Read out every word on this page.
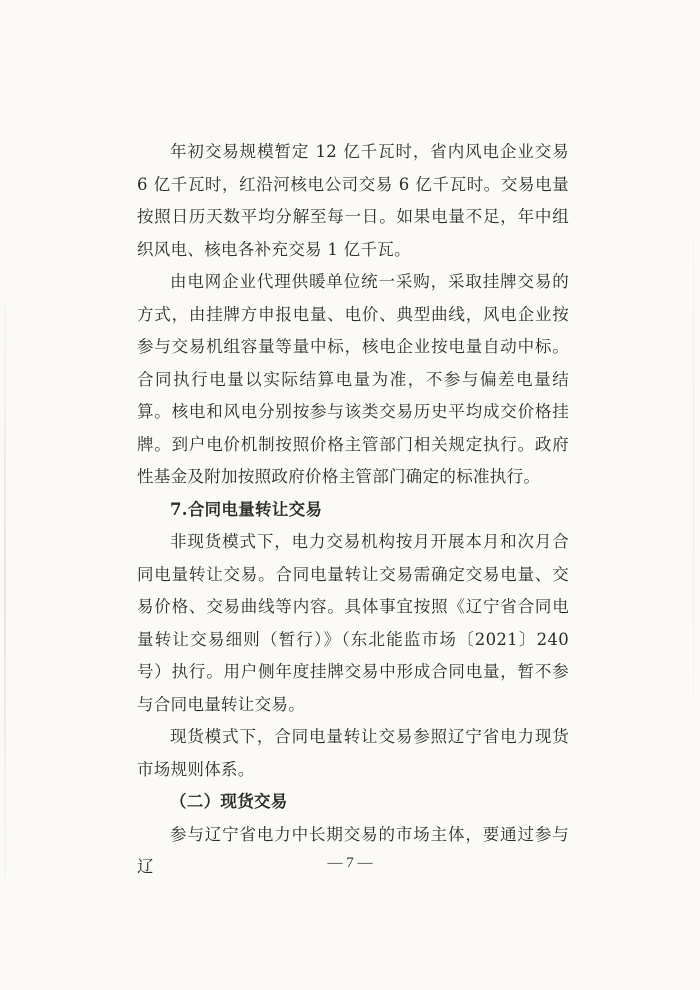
年初交易规模暂定 12 亿千瓦时，省内风电企业交易 6 亿千瓦时，红沿河核电公司交易 6 亿千瓦时。交易电量按照日历天数平均分解至每一日。如果电量不足，年中组织风电、核电各补充交易 1 亿千瓦。

由电网企业代理供暖单位统一采购，采取挂牌交易的方式，由挂牌方申报电量、电价、典型曲线，风电企业按参与交易机组容量等量中标，核电企业按电量自动中标。合同执行电量以实际结算电量为准，不参与偏差电量结算。核电和风电分别按参与该类交易历史平均成交价格挂牌。到户电价机制按照价格主管部门相关规定执行。政府性基金及附加按照政府价格主管部门确定的标准执行。

7.合同电量转让交易

非现货模式下，电力交易机构按月开展本月和次月合同电量转让交易。合同电量转让交易需确定交易电量、交易价格、交易曲线等内容。具体事宜按照《辽宁省合同电量转让交易细则（暂行）》（东北能监市场〔2021〕240 号）执行。用户侧年度挂牌交易中形成合同电量，暂不参与合同电量转让交易。

现货模式下，合同电量转让交易参照辽宁省电力现货市场规则体系。

（二）现货交易

参与辽宁省电力中长期交易的市场主体，要通过参与辽	— 7 —
